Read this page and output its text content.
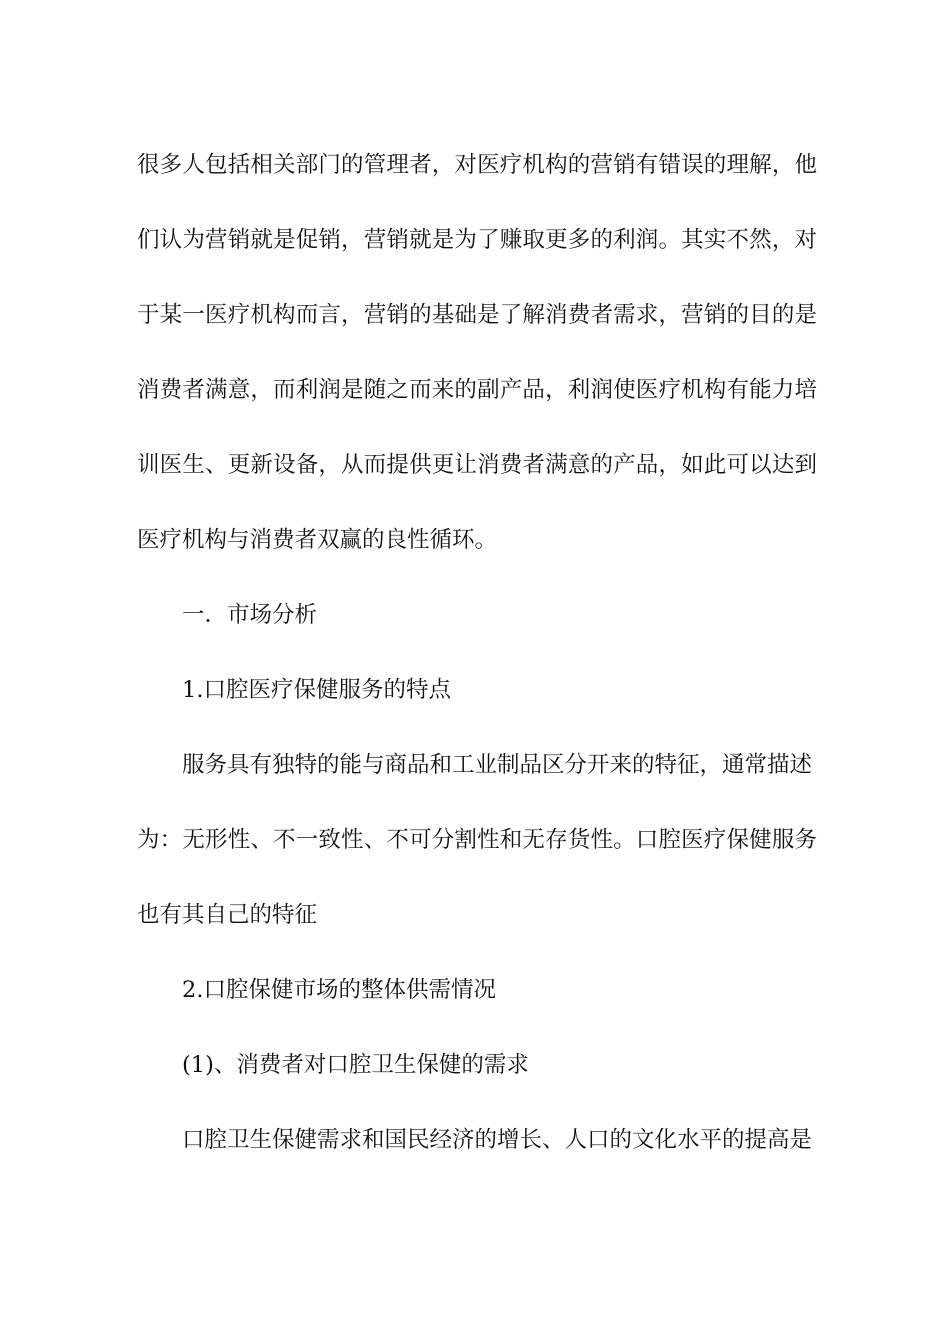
很多人包括相关部门的管理者，对医疗机构的营销有错误的理解，他
们认为营销就是促销，营销就是为了赚取更多的利润。其实不然，对
于某一医疗机构而言，营销的基础是了解消费者需求，营销的目的是
消费者满意，而利润是随之而来的副产品，利润使医疗机构有能力培
训医生、更新设备，从而提供更让消费者满意的产品，如此可以达到
医疗机构与消费者双赢的良性循环。
一．市场分析
1.口腔医疗保健服务的特点
服务具有独特的能与商品和工业制品区分开来的特征，通常描述
为：无形性、不一致性、不可分割性和无存货性。口腔医疗保健服务
也有其自己的特征
2.口腔保健市场的整体供需情况
(1)、消费者对口腔卫生保健的需求
口腔卫生保健需求和国民经济的增长、人口的文化水平的提高是
